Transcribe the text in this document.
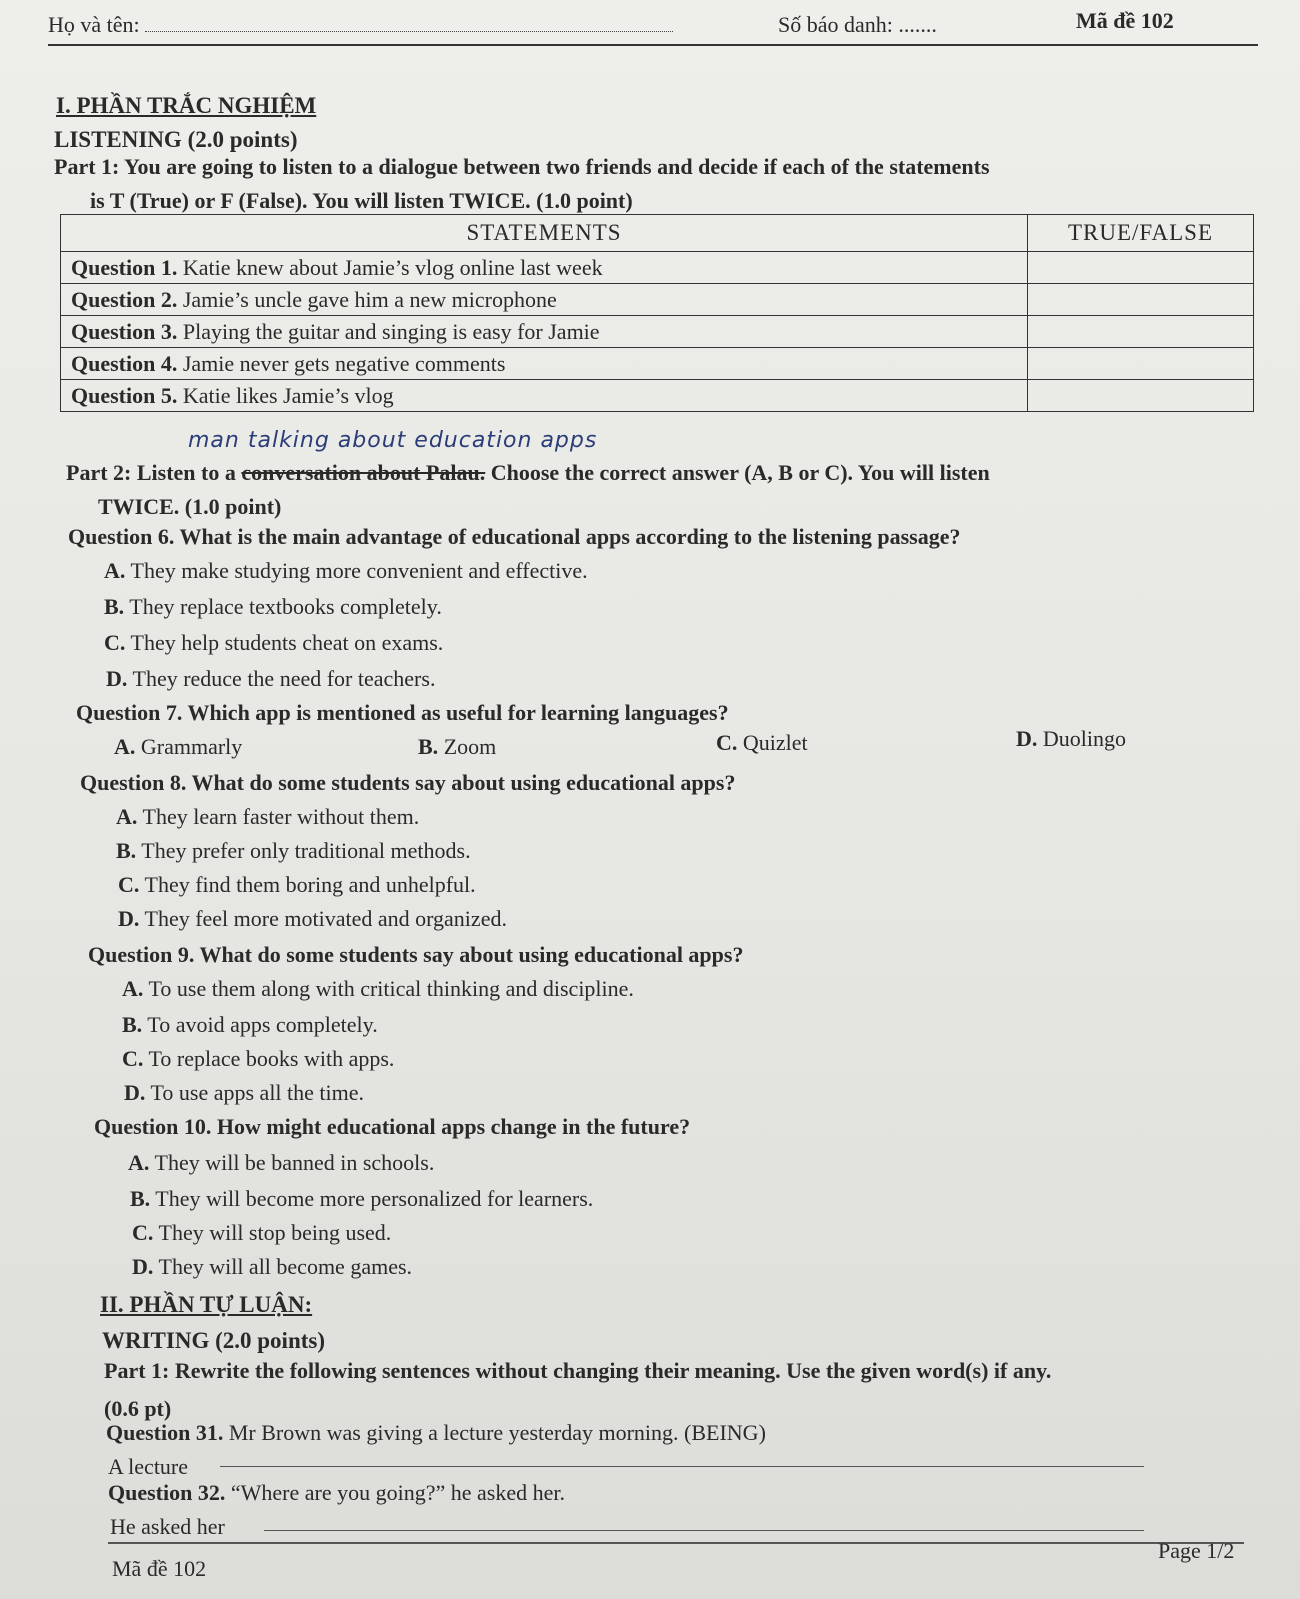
Họ và tên:	Số báo danh: .......	Mã đề 102
I. PHẦN TRẮC NGHIỆM
LISTENING (2.0 points)
Part 1: You are going to listen to a dialogue between two friends and decide if each of the statements
is T (True) or F (False). You will listen TWICE. (1.0 point)
STATEMENTS	TRUE/FALSE
Question 1. Katie knew about Jamie’s vlog online last week	
Question 2. Jamie’s uncle gave him a new microphone	
Question 3. Playing the guitar and singing is easy for Jamie	
Question 4. Jamie never gets negative comments	
Question 5. Katie likes Jamie’s vlog	
man talking about education apps
Part 2: Listen to a conversation about Palau. Choose the correct answer (A, B or C). You will listen
TWICE. (1.0 point)
Question 6. What is the main advantage of educational apps according to the listening passage?
A. They make studying more convenient and effective.
B. They replace textbooks completely.
C. They help students cheat on exams.
D. They reduce the need for teachers.
Question 7. Which app is mentioned as useful for learning languages?
A. Grammarly	B. Zoom	C. Quizlet	D. Duolingo
Question 8. What do some students say about using educational apps?
A. They learn faster without them.
B. They prefer only traditional methods.
C. They find them boring and unhelpful.
D. They feel more motivated and organized.
Question 9. What do some students say about using educational apps?
A. To use them along with critical thinking and discipline.
B. To avoid apps completely.
C. To replace books with apps.
D. To use apps all the time.
Question 10. How might educational apps change in the future?
A. They will be banned in schools.
B. They will become more personalized for learners.
C. They will stop being used.
D. They will all become games.
II. PHẦN TỰ LUẬN:
WRITING (2.0 points)
Part 1: Rewrite the following sentences without changing their meaning. Use the given word(s) if any.
(0.6 pt)
Question 31. Mr Brown was giving a lecture yesterday morning. (BEING)
A lecture
Question 32. “Where are you going?” he asked her.
He asked her
Page 1/2
Mã đề 102
